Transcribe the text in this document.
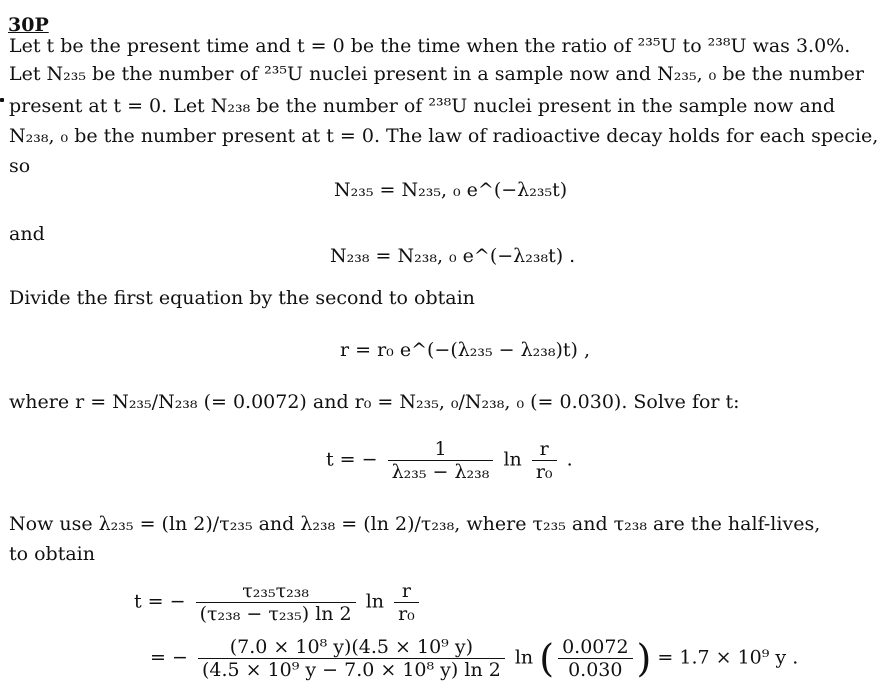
30P
Let t be the present time and t = 0 be the time when the ratio of ²³⁵U to ²³⁸U was 3.0%.
Let N₂₃₅ be the number of ²³⁵U nuclei present in a sample now and N₂₃₅, ₀ be the number
present at t = 0. Let N₂₃₈ be the number of ²³⁸U nuclei present in the sample now and
N₂₃₈, ₀ be the number present at t = 0. The law of radioactive decay holds for each specie,
so
N₂₃₅ = N₂₃₅, ₀ e^(−λ₂₃₅t)
and
N₂₃₈ = N₂₃₈, ₀ e^(−λ₂₃₈t) .
Divide the first equation by the second to obtain
r = r₀ e^(−(λ₂₃₅ − λ₂₃₈)t) ,
where r = N₂₃₅/N₂₃₈ (= 0.0072) and r₀ = N₂₃₅, ₀/N₂₃₈, ₀ (= 0.030). Solve for t:
t = − $\frac{1}{\text{λ₂₃₅ − λ₂₃₈}}$ $\ln \frac{r}{\text{r₀}}$ .
Now use λ₂₃₅ = (ln 2)/τ₂₃₅ and λ₂₃₈ = (ln 2)/τ₂₃₈, where τ₂₃₅ and τ₂₃₈ are the half-lives,
to obtain
t = − $\frac{\text{τ₂₃₅τ₂₃₈}}{\text{(τ₂₃₈ − τ₂₃₅) ln 2}}$ $\ln \frac{r}{\text{r₀}}$
= − $\frac{\text{(7.0 × 10⁸ y)(4.5 × 10⁹ y)}}{\text{(4.5 × 10⁹ y − 7.0 × 10⁸ y) ln 2}}$ ln ( $\frac{0.0072}{0.030}$ ) = 1.7 × 10⁹ y .
